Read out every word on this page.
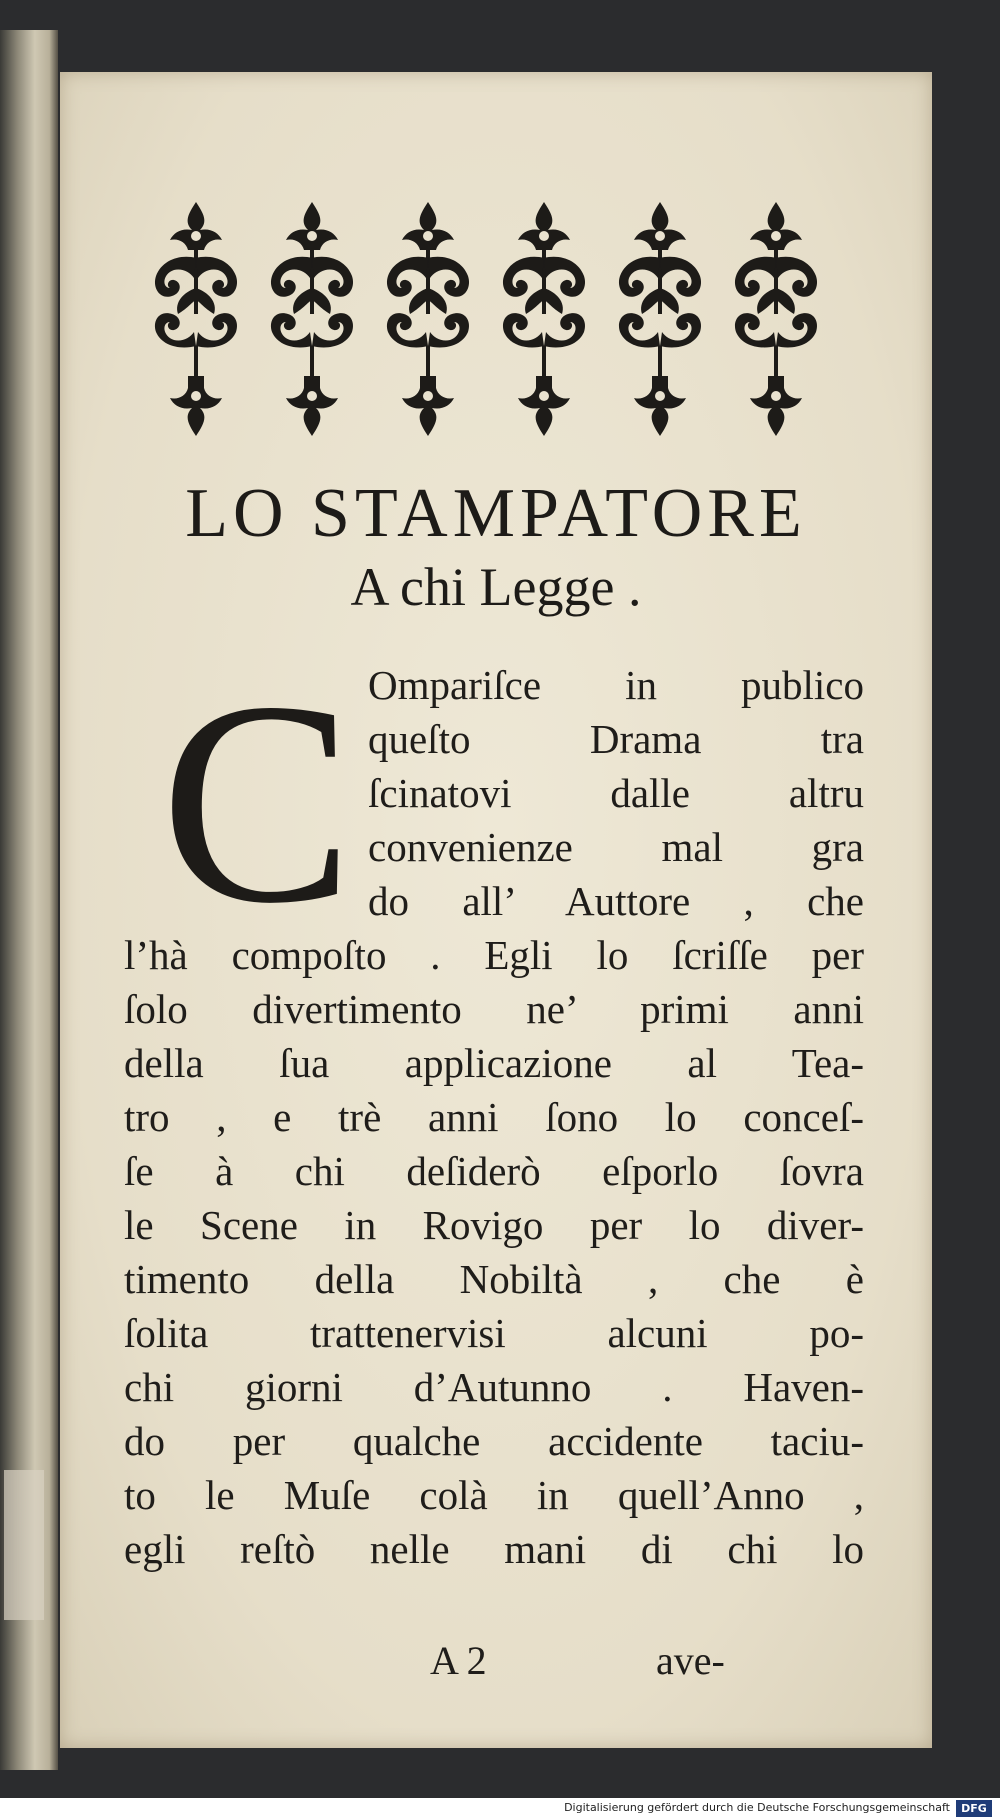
LO STAMPATORE
A chi Legge .
C Ompariſce in publico
queſto Drama tra
ſcinatovi dalle altru
convenienze mal gra
do all’ Auttore , che
l’hà compoſto . Egli lo ſcriſſe per
ſolo divertimento ne’ primi anni
della ſua applicazione al Tea-
tro , e trè anni ſono lo conceſ-
ſe à chi deſiderò eſporlo ſovra
le Scene in Rovigo per lo diver-
timento della Nobiltà , che è
ſolita trattenervisi alcuni po-
chi giorni d’Autunno . Haven-
do per qualche accidente taciu-
to le Muſe colà in quell’Anno ,
egli reſtò nelle mani di chi lo
A 2	ave-
Digitalisierung gefördert durch die Deutsche Forschungsgemeinschaft	DFG
